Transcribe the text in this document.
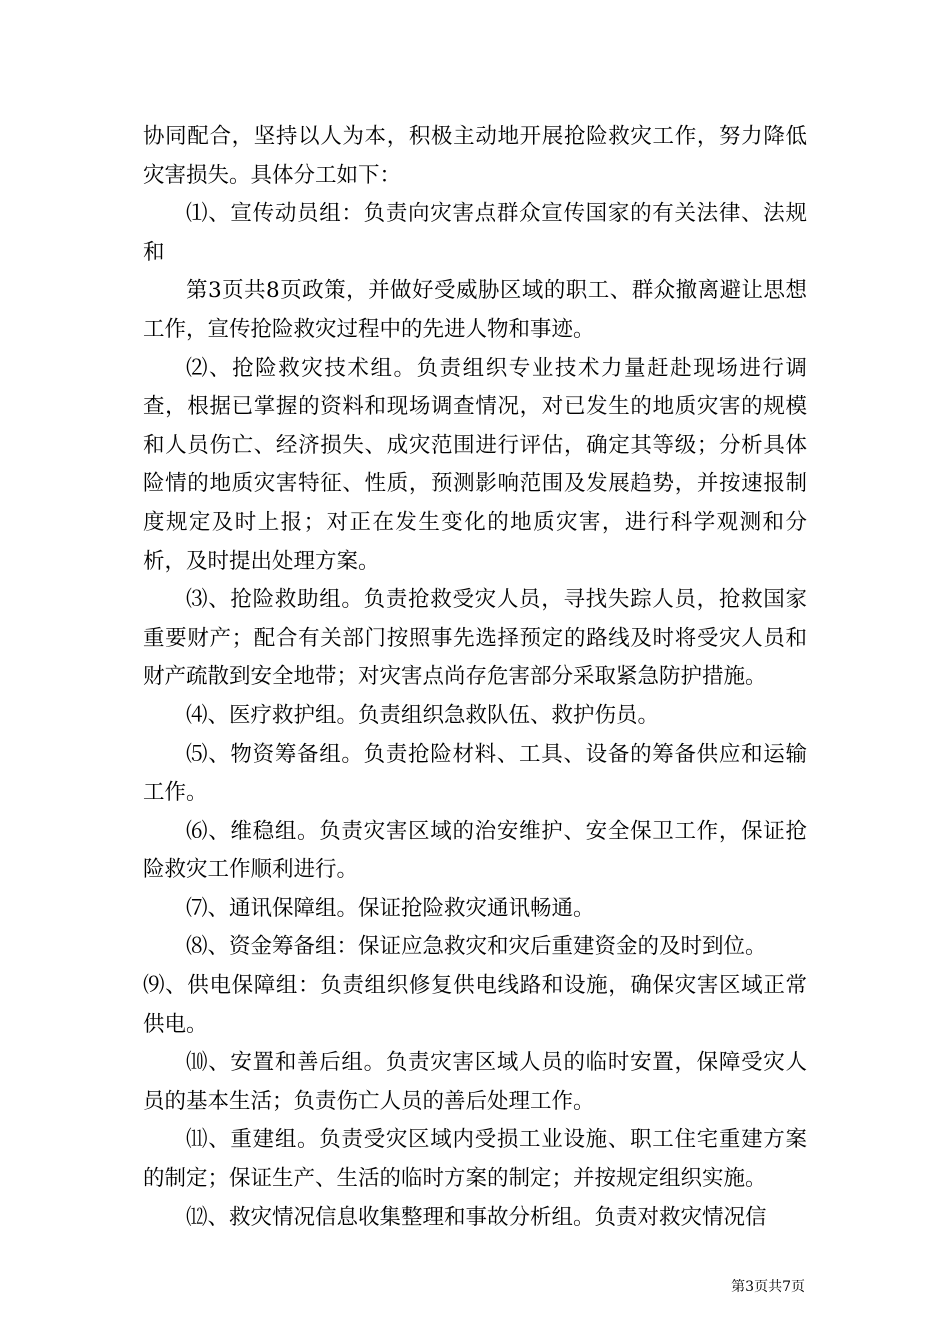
协同配合，坚持以人为本，积极主动地开展抢险救灾工作，努力降低灾害损失。具体分工如下：

⑴、宣传动员组：负责向灾害点群众宣传国家的有关法律、法规和

第3页共8页政策，并做好受威胁区域的职工、群众撤离避让思想工作，宣传抢险救灾过程中的先进人物和事迹。

⑵、抢险救灾技术组。负责组织专业技术力量赶赴现场进行调查，根据已掌握的资料和现场调查情况，对已发生的地质灾害的规模和人员伤亡、经济损失、成灾范围进行评估，确定其等级；分析具体险情的地质灾害特征、性质，预测影响范围及发展趋势，并按速报制度规定及时上报；对正在发生变化的地质灾害，进行科学观测和分析，及时提出处理方案。

⑶、抢险救助组。负责抢救受灾人员，寻找失踪人员，抢救国家重要财产；配合有关部门按照事先选择预定的路线及时将受灾人员和财产疏散到安全地带；对灾害点尚存危害部分采取紧急防护措施。

⑷、医疗救护组。负责组织急救队伍、救护伤员。

⑸、物资筹备组。负责抢险材料、工具、设备的筹备供应和运输工作。

⑹、维稳组。负责灾害区域的治安维护、安全保卫工作，保证抢险救灾工作顺利进行。

⑺、通讯保障组。保证抢险救灾通讯畅通。

⑻、资金筹备组：保证应急救灾和灾后重建资金的及时到位。

⑼、供电保障组：负责组织修复供电线路和设施，确保灾害区域正常供电。

⑽、安置和善后组。负责灾害区域人员的临时安置，保障受灾人员的基本生活；负责伤亡人员的善后处理工作。

⑾、重建组。负责受灾区域内受损工业设施、职工住宅重建方案的制定；保证生产、生活的临时方案的制定；并按规定组织实施。

⑿、救灾情况信息收集整理和事故分析组。负责对救灾情况信

第3页共7页
